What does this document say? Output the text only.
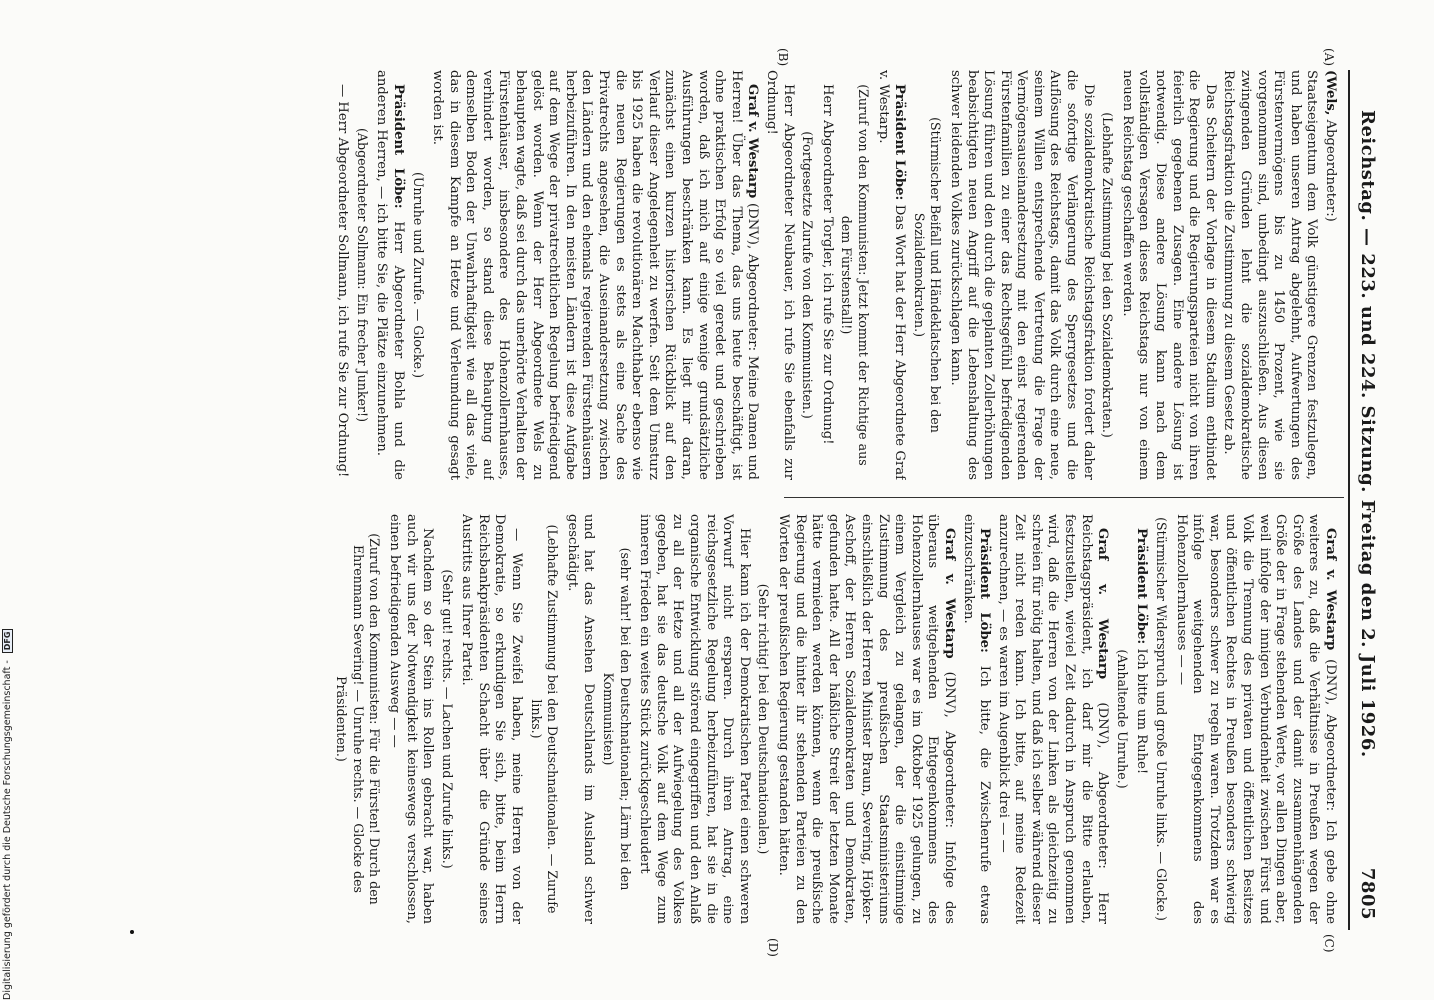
Reichstag. — 223. und 224. Sitzung. Freitag den 2. Juli 1926.
7805
(A)
(B)
(C)
(D)

(Wels, Abgeordneter:)

Staatseigentum dem Volk günstigere Grenzen festzulegen, und haben unseren Antrag abgelehnt, Aufwertungen des Fürstenvermögens bis zu 1450 Prozent, wie sie vorgenommen sind, unbedingt auszuschließen. Aus diesen zwingenden Gründen lehnt die sozialdemokratische Reichstagsfraktion die Zustimmung zu diesem Gesetz ab.

Das Scheitern der Vorlage in diesem Stadium entbindet die Regierung und die Regierungsparteien nicht von ihren feierlich gegebenen Zusagen. Eine andere Lösung ist notwendig. Diese andere Lösung kann nach dem vollständigen Versagen dieses Reichstags nur von einem neuen Reichstag geschaffen werden.

(Lebhafte Zustimmung bei den Sozialdemokraten.)

Die sozialdemokratische Reichstagsfraktion fordert daher die sofortige Verlängerung des Sperrgesetzes und die Auflösung des Reichstags, damit das Volk durch eine neue, seinem Willen entsprechende Vertretung die Frage der Vermögensauseinandersetzung mit den einst regierenden Fürstenfamilien zu einer das Rechtsgefühl befriedigenden Lösung führen und den durch die geplanten Zollerhöhungen beabsichtigten neuen Angriff auf die Lebenshaltung des schwer leidenden Volkes zurückschlagen kann.

(Stürmischer Beifall und Händeklatschen bei den Sozialdemokraten.)

Präsident Löbe: Das Wort hat der Herr Abgeordnete Graf v. Westarp.

(Zuruf von den Kommunisten: Jetzt kommt der Richtige aus dem Fürstenstall!)

Herr Abgeordneter Torgler, ich rufe Sie zur Ordnung!

(Fortgesetzte Zurufe von den Kommunisten.)

Herr Abgeordneter Neubauer, ich rufe Sie ebenfalls zur Ordnung!

Graf v. Westarp (DNV), Abgeordneter: Meine Damen und Herren! Über das Thema, das uns heute beschäftigt, ist ohne praktischen Erfolg so viel geredet und geschrieben worden, daß ich mich auf einige wenige grundsätzliche Ausführungen beschränken kann. Es liegt mir daran, zunächst einen kurzen historischen Rückblick auf den Verlauf dieser Angelegenheit zu werfen. Seit dem Umsturz bis 1925 haben die revolutionären Machthaber ebenso wie die neuen Regierungen es stets als eine Sache des Privatrechts angesehen, die Auseinandersetzung zwischen den Ländern und den ehemals regierenden Fürstenhäusern herbeizuführen. In den meisten Ländern ist diese Aufgabe auf dem Wege der privatrechtlichen Regelung befriedigend gelöst worden. Wenn der Herr Abgeordnete Wels zu behaupten wagte, daß sei durch das unerhörte Verhalten der Fürstenhäuser, insbesondere des Hohenzollernhauses, verhindert worden, so stand diese Behauptung auf demselben Boden der Unwahrhaftigkeit wie all das viele, das in diesem Kampfe an Hetze und Verleumdung gesagt worden ist.

(Unruhe und Zurufe. — Glocke.)

Präsident Löbe: Herr Abgeordneter Bohla und die anderen Herren, — ich bitte Sie, die Plätze einzunehmen.

(Abgeordneter Sollmann: Ein frecher Junker!)

— Herr Abgeordneter Sollmann, ich rufe Sie zur Ordnung!

Graf v. Westarp (DNV), Abgeordneter: Ich gebe ohne weiteres zu, daß die Verhältnisse in Preußen wegen der Größe des Landes und der damit zusammenhängenden Größe der in Frage stehenden Werte, vor allen Dingen aber, weil infolge der innigen Verbundenheit zwischen Fürst und Volk die Trennung des privaten und öffentlichen Besitzes und öffentlichen Rechtes in Preußen besonders schwierig war, besonders schwer zu regeln waren. Trotzdem war es infolge weitgehenden Entgegenkommens des Hohenzollernhauses — —

(Stürmischer Widerspruch und große Unruhe links. — Glocke.)

Präsident Löbe: Ich bitte um Ruhe!

(Anhaltende Unruhe.)

Graf v. Westarp (DNV), Abgeordneter: Herr Reichstagspräsident, ich darf mir die Bitte erlauben, festzustellen, wieviel Zeit dadurch in Anspruch genommen wird, daß die Herren von der Linken als gleichzeitig zu schreien für nötig halten, und daß ich selber während dieser Zeit nicht reden kann. Ich bitte, auf meine Redezeit anzurechnen, — es waren im Augenblick drei — —

Präsident Löbe: Ich bitte, die Zwischenrufe etwas einzuschränken.

Graf v. Westarp (DNV), Abgeordneter: Infolge des überaus weitgehenden Entgegenkommens des Hohenzollernhauses war es im Oktober 1925 gelungen, zu einem Vergleich zu gelangen, der die einstimmige Zustimmung des preußischen Staatsministeriums einschließlich der Herren Minister Braun, Severing, Höpker-Aschoff, der Herren Sozialdemokraten und Demokraten, gefunden hatte. All der häßliche Streit der letzten Monate hätte vermieden werden können, wenn die preußische Regierung und die hinter ihr stehenden Parteien zu den Worten der preußischen Regierung gestanden hätten.

(Sehr richtig! bei den Deutschnationalen.)

Hier kann ich der Demokratischen Partei einen schweren Vorwurf nicht ersparen. Durch ihren Antrag, eine reichsgesetzliche Regelung herbeizuführen, hat sie in die organische Entwicklung störend eingegriffen und den Anlaß zu all der Hetze und all der Aufwiegelung des Volkes gegeben, hat sie das deutsche Volk auf dem Wege zum inneren Frieden ein weites Stück zurückgeschleudert

(sehr wahr! bei den Deutschnationalen; Lärm bei den Kommunisten)

und hat das Ansehen Deutschlands im Ausland schwer geschädigt.

(Lebhafte Zustimmung bei den Deutschnationalen. — Zurufe links.)

— Wenn Sie Zweifel haben, meine Herren von der Demokratie, so erkundigen Sie sich, bitte, beim Herrn Reichsbankpräsidenten Schacht über die Gründe seines Austritts aus Ihrer Partei.

(Sehr gut! rechts. — Lachen und Zurufe links.)

Nachdem so der Stein ins Rollen gebracht war, haben auch wir uns der Notwendigkeit keineswegs verschlossen, einen befriedigenden Ausweg — —

(Zuruf von den Kommunisten: Für die Fürsten! Durch den Ehrenmann Severing! — Unruhe rechts. — Glocke des Präsidenten.)

Digitalisierung gefördert durch die Deutsche Forschungsgemeinschaft - DFG
